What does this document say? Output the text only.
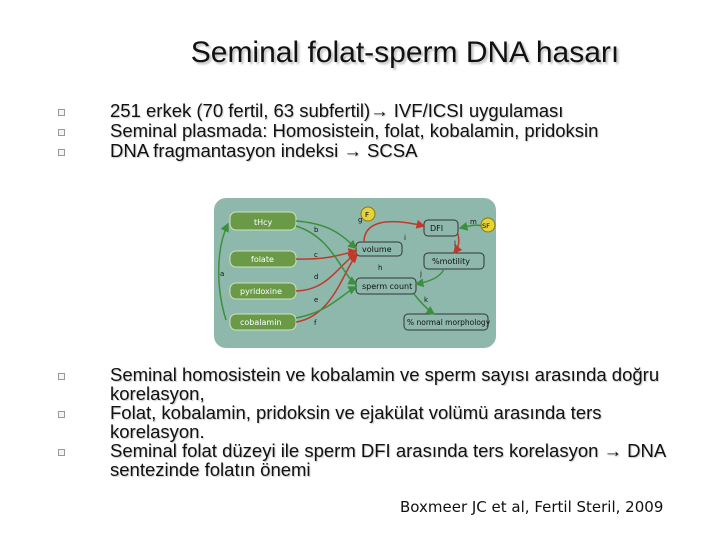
Seminal folat-sperm DNA hasarı
251 erkek (70 fertil, 63 subfertil)→ IVF/ICSI uygulaması
Seminal plasmada: Homosistein, folat, kobalamin, pridoksin
DNA fragmantasyon indeksi → SCSA
tHcy
folate
pyridoxine
cobalamin
DFI
volume
%motility
sperm count
% normal morphology
F
SF
a
b
c
d
e
f
g
h
i
j
k
l
m
Seminal homosistein ve kobalamin ve sperm sayısı arasında doğru
korelasyon,
Folat, kobalamin, pridoksin ve ejakülat volümü arasında ters
korelasyon.
Seminal folat düzeyi ile sperm DFI arasında ters korelasyon → DNA
sentezinde folatın önemi
Boxmeer JC et al, Fertil Steril, 2009
